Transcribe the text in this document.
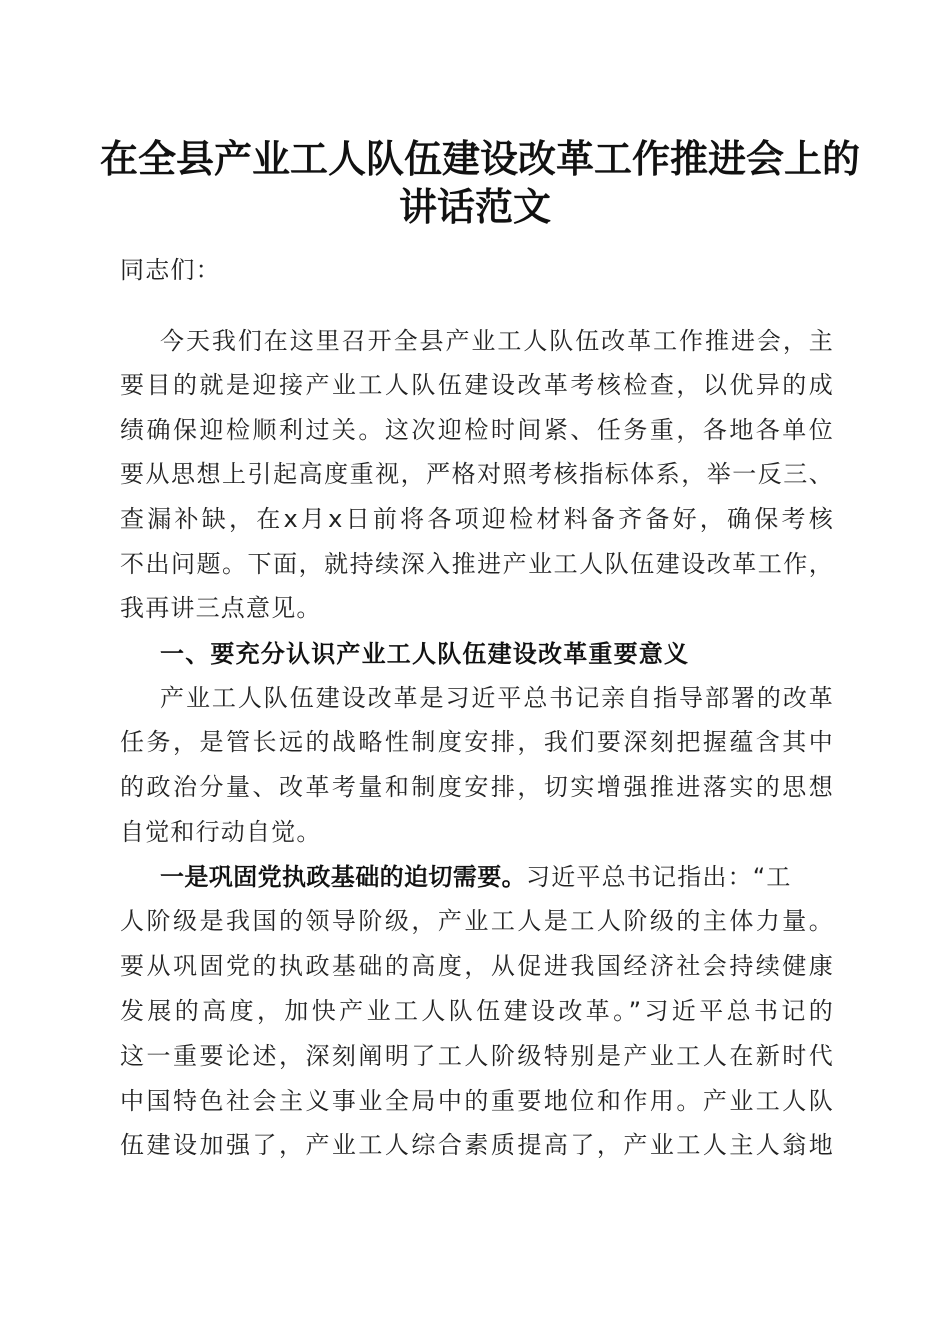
在全县产业工人队伍建设改革工作推进会上的
讲话范文
同志们：
今天我们在这里召开全县产业工人队伍改革工作推进会，主
要目的就是迎接产业工人队伍建设改革考核检查，以优异的成
绩确保迎检顺利过关。这次迎检时间紧、任务重，各地各单位
要从思想上引起高度重视，严格对照考核指标体系，举一反三、
查漏补缺，在x月x日前将各项迎检材料备齐备好，确保考核
不出问题。下面，就持续深入推进产业工人队伍建设改革工作，
我再讲三点意见。
一、要充分认识产业工人队伍建设改革重要意义
产业工人队伍建设改革是习近平总书记亲自指导部署的改革
任务，是管长远的战略性制度安排，我们要深刻把握蕴含其中
的政治分量、改革考量和制度安排，切实增强推进落实的思想
自觉和行动自觉。
一是巩固党执政基础的迫切需要。习近平总书记指出：“工
人阶级是我国的领导阶级，产业工人是工人阶级的主体力量。
要从巩固党的执政基础的高度，从促进我国经济社会持续健康
发展的高度，加快产业工人队伍建设改革。”习近平总书记的
这一重要论述，深刻阐明了工人阶级特别是产业工人在新时代
中国特色社会主义事业全局中的重要地位和作用。产业工人队
伍建设加强了，产业工人综合素质提高了，产业工人主人翁地
